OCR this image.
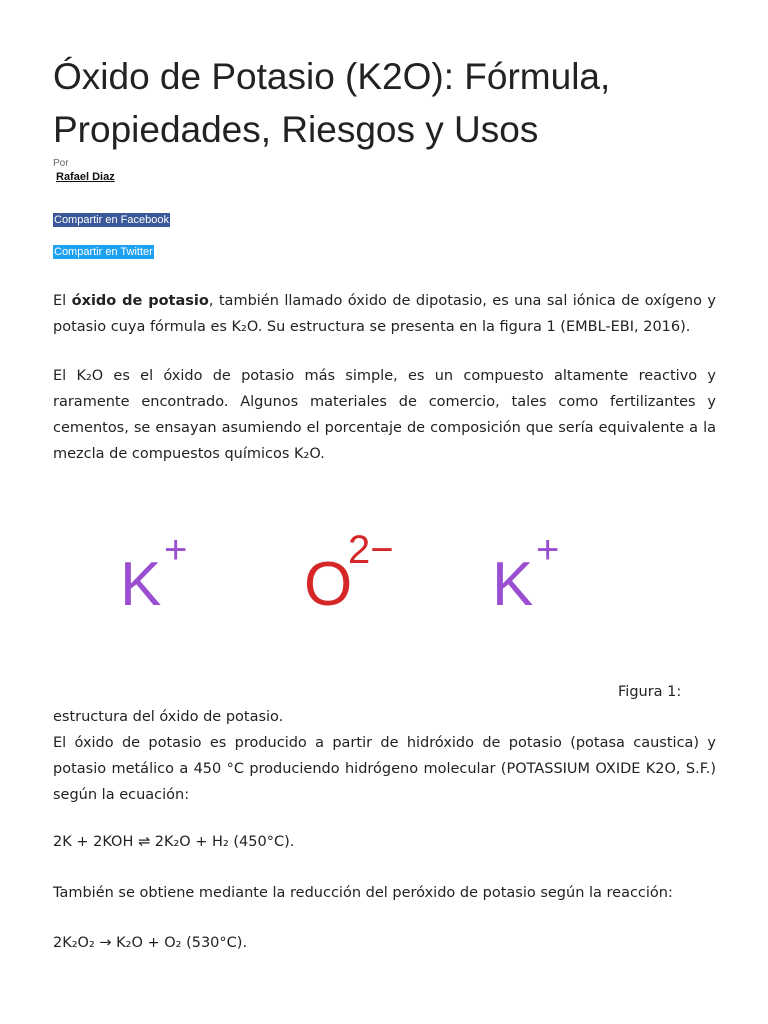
Óxido de Potasio (K2O): Fórmula,
Propiedades, Riesgos y Usos
Por
Rafael Diaz
Compartir en Facebook
Compartir en Twitter

El óxido de potasio, también llamado óxido de dipotasio, es una sal iónica de oxígeno y potasio cuya fórmula es K₂O. Su estructura se presenta en la figura 1 (EMBL-EBI, 2016).

El K₂O es el óxido de potasio más simple, es un compuesto altamente reactivo y raramente encontrado. Algunos materiales de comercio, tales como fertilizantes y cementos, se ensayan asumiendo el porcentaje de composición que sería equivalente a la mezcla de compuestos químicos K₂O.

K + O
2− K +
Figura 1:
estructura del óxido de potasio.

El óxido de potasio es producido a partir de hidróxido de potasio (potasa caustica) y potasio metálico a 450 °C produciendo hidrógeno molecular (POTASSIUM OXIDE K2O, S.F.) según la ecuación:

2K + 2KOH ⇌ 2K₂O + H₂ (450°C).
También se obtiene mediante la reducción del peróxido de potasio según la reacción:
2K₂O₂ → K₂O + O₂ (530°C).
